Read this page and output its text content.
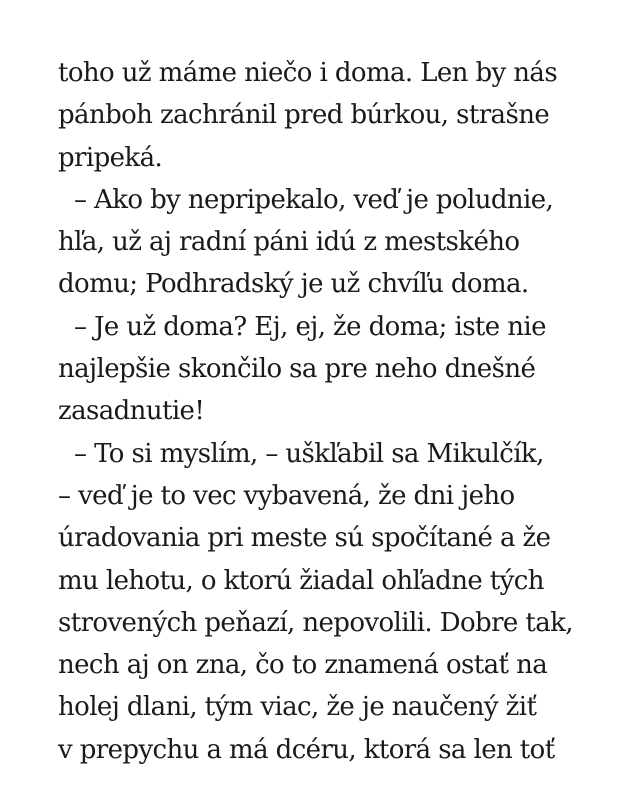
toho už máme niečo i doma. Len by nás
pánboh zachránil pred búrkou, strašne
pripeká.
– Ako by nepripekalo, veď je poludnie,
hľa, už aj radní páni idú z mestského
domu; Podhradský je už chvíľu doma.
– Je už doma? Ej, ej, že doma; iste nie
najlepšie skončilo sa pre neho dnešné
zasadnutie!
– To si myslím, – uškľabil sa Mikulčík,
– veď je to vec vybavená, že dni jeho
úradovania pri meste sú spočítané a že
mu lehotu, o ktorú žiadal ohľadne tých
strovených peňazí, nepovolili. Dobre tak,
nech aj on zna, čo to znamená ostať na
holej dlani, tým viac, že je naučený žiť
v prepychu a má dcéru, ktorá sa len toť
